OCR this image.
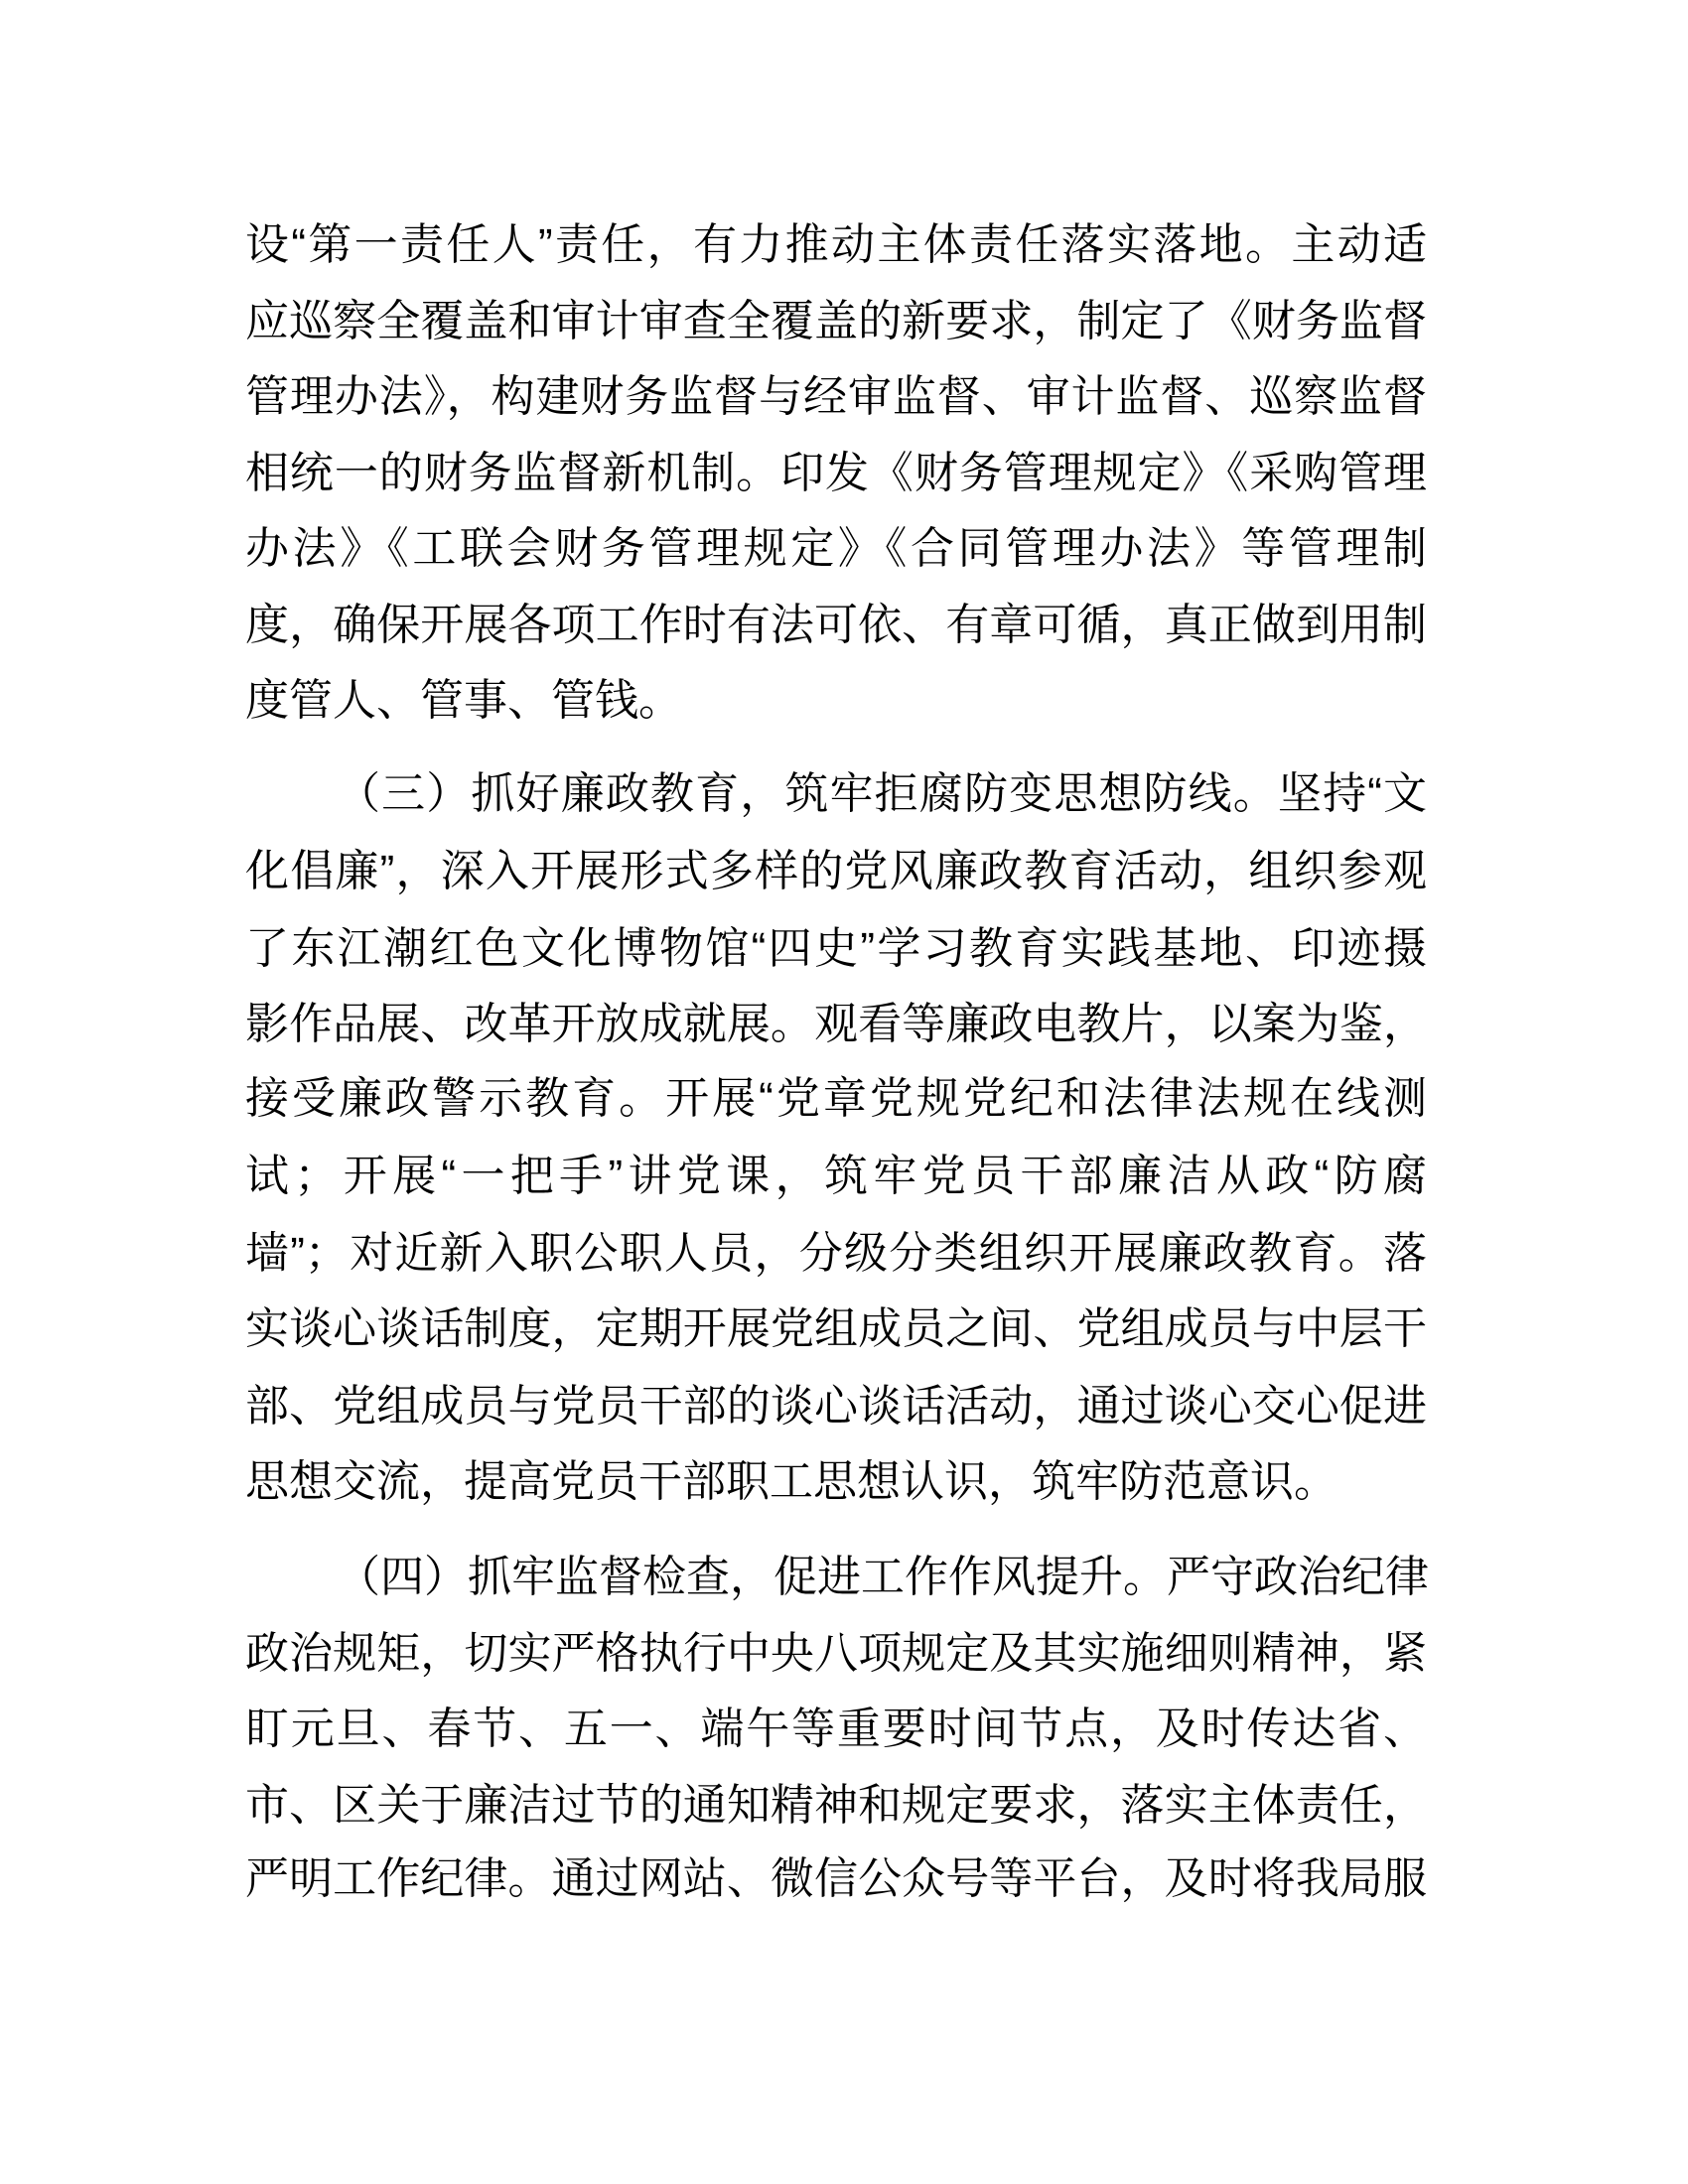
设“第一责任人”责任，有力推动主体责任落实落地。主动适
应巡察全覆盖和审计审查全覆盖的新要求，制定了《财务监督
管理办法》，构建财务监督与经审监督、审计监督、巡察监督
相统一的财务监督新机制。印发《财务管理规定》《采购管理
办法》《工联会财务管理规定》《合同管理办法》等管理制
度，确保开展各项工作时有法可依、有章可循，真正做到用制
度管人、管事、管钱。
（三）抓好廉政教育，筑牢拒腐防变思想防线。坚持“文
化倡廉”，深入开展形式多样的党风廉政教育活动，组织参观
了东江潮红色文化博物馆“四史”学习教育实践基地、印迹摄
影作品展、改革开放成就展。观看等廉政电教片，以案为鉴，
接受廉政警示教育。开展“党章党规党纪和法律法规在线测
试；开展“一把手”讲党课，筑牢党员干部廉洁从政“防腐
墙”；对近新入职公职人员，分级分类组织开展廉政教育。落
实谈心谈话制度，定期开展党组成员之间、党组成员与中层干
部、党组成员与党员干部的谈心谈话活动，通过谈心交心促进
思想交流，提高党员干部职工思想认识，筑牢防范意识。
（四）抓牢监督检查，促进工作作风提升。严守政治纪律
政治规矩，切实严格执行中央八项规定及其实施细则精神，紧
盯元旦、春节、五一、端午等重要时间节点，及时传达省、
市、区关于廉洁过节的通知精神和规定要求，落实主体责任，
严明工作纪律。通过网站、微信公众号等平台，及时将我局服
